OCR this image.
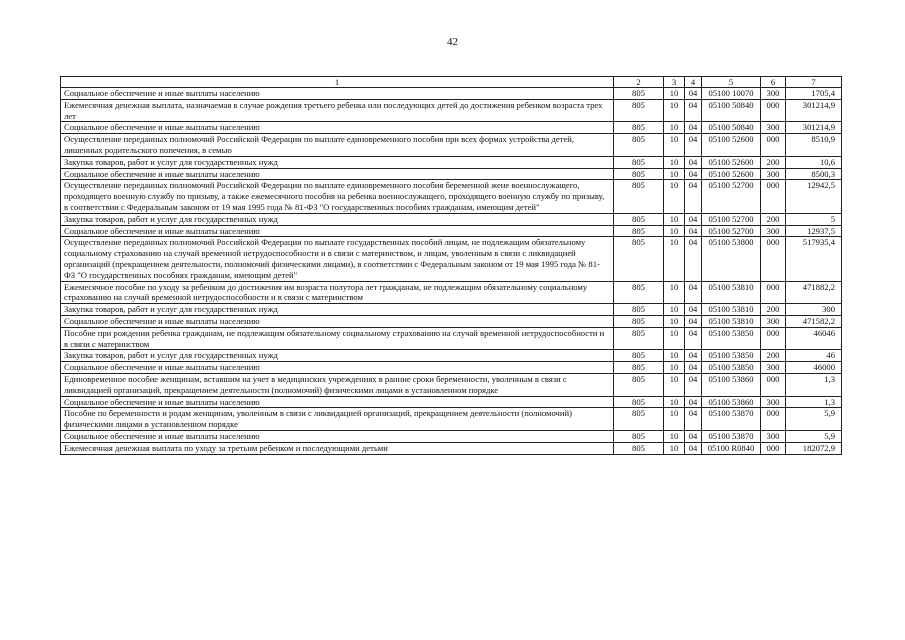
42
1	2	3	4	5	6	7
Социальное обеспечение и иные выплаты населению	805	10	04	05100 10070	300	1705,4
Ежемесячная денежная выплата, назначаемая в случае рождения третьего ребенка или последующих детей до достижения ребенком возраста трех лет	805	10	04	05100 50840	000	301214,9
Социальное обеспечение и иные выплаты населению	805	10	04	05100 50840	300	301214,9
Осуществление переданных полномочий Российской Федерации по выплате единовременного пособия при всех формах устройства детей, лишенных родительского попечения, в семью	805	10	04	05100 52600	000	8510,9
Закупка товаров, работ и услуг для государственных нужд	805	10	04	05100 52600	200	10,6
Социальное обеспечение и иные выплаты населению	805	10	04	05100 52600	300	8500,3
Осуществление переданных полномочий Российской Федерации по выплате единовременного пособия беременной жене военнослужащего, проходящего военную службу по призыву, а также ежемесячного пособия на ребенка военнослужащего, проходящего военную службу по призыву, в соответствии с Федеральным законом от 19 мая 1995 года № 81-ФЗ "О государственных пособиях гражданам, имеющим детей"	805	10	04	05100 52700	000	12942,5
Закупка товаров, работ и услуг для государственных нужд	805	10	04	05100 52700	200	5
Социальное обеспечение и иные выплаты населению	805	10	04	05100 52700	300	12937,5
Осуществление переданных полномочий Российской Федерации по выплате государственных пособий лицам, не подлежащим обязательному социальному страхованию на случай временной нетрудоспособности и в связи с материнством, и лицам, уволенным в связи с ликвидацией организаций (прекращением деятельности, полномочий физическими лицами), в соответствии с Федеральным законом от 19 мая 1995 года № 81-ФЗ "О государственных пособиях гражданам, имеющим детей"	805	10	04	05100 53800	000	517935,4
Ежемесячное пособие по уходу за ребенком до достижения им возраста полутора лет гражданам, не подлежащим обязательному социальному страхованию на случай временной нетрудоспособности и в связи с материнством	805	10	04	05100 53810	000	471882,2
Закупка товаров, работ и услуг для государственных нужд	805	10	04	05100 53810	200	300
Социальное обеспечение и иные выплаты населению	805	10	04	05100 53810	300	471582,2
Пособие при рождении ребенка гражданам, не подлежащим обязательному социальному страхованию на случай временной нетрудоспособности и в связи с материнством	805	10	04	05100 53850	000	46046
Закупка товаров, работ и услуг для государственных нужд	805	10	04	05100 53850	200	46
Социальное обеспечение и иные выплаты населению	805	10	04	05100 53850	300	46000
Единовременное пособие женщинам, вставшим на учет в медицинских учреждениях в ранние сроки беременности, уволенным в связи с ликвидацией организаций, прекращением деятельности (полномочий) физическими лицами в установленном порядке	805	10	04	05100 53860	000	1,3
Социальное обеспечение и иные выплаты населению	805	10	04	05100 53860	300	1,3
Пособие по беременности и родам женщинам, уволенным в связи с ликвидацией организаций, прекращением деятельности (полномочий) физическими лицами в установленном порядке	805	10	04	05100 53870	000	5,9
Социальное обеспечение и иные выплаты населению	805	10	04	05100 53870	300	5,9
Ежемесячная денежная выплата по уходу за третьим ребенком и последующими детьми	805	10	04	05100 R0840	000	182072,9
